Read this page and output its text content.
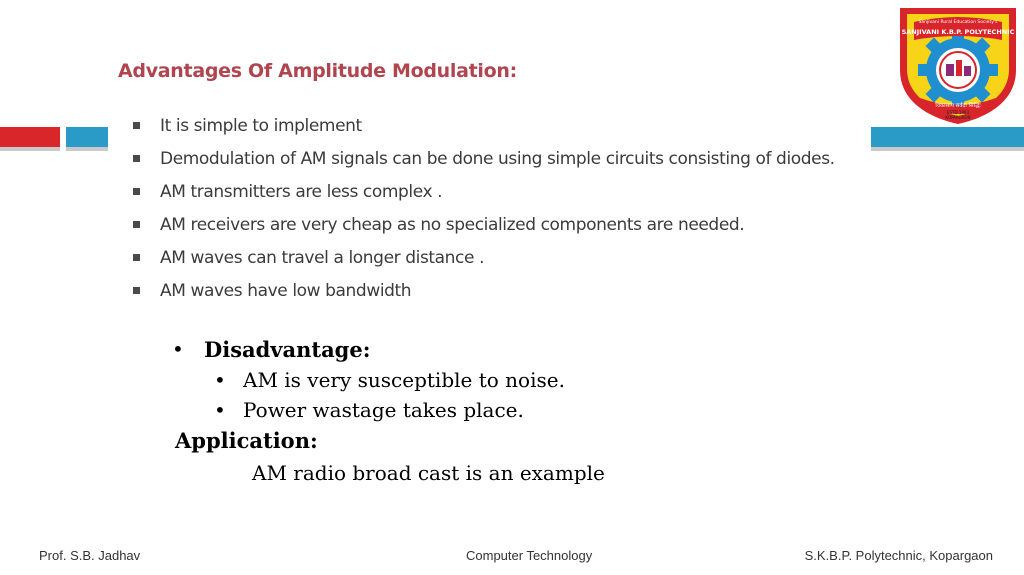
Advantages Of Amplitude Modulation:
It is simple to implement
Demodulation of AM signals can be done using simple circuits consisting of diodes.
AM transmitters are less complex .
AM receivers are very cheap as no specialized components are needed.
AM waves can travel a longer distance .
AM waves have low bandwidth
Sanjivani Rural Education Society's
SANJIVANI K.B.P. POLYTECHNIC
विकासाय सर्वदा सिद्धिः
ESTD.1983
KOPARGAON
• Disadvantage:
• AM is very susceptible to noise.
• Power wastage takes place.
Application:
AM radio broad cast is an example
Prof. S.B. Jadhav	Computer Technology	S.K.B.P. Polytechnic, Kopargaon
